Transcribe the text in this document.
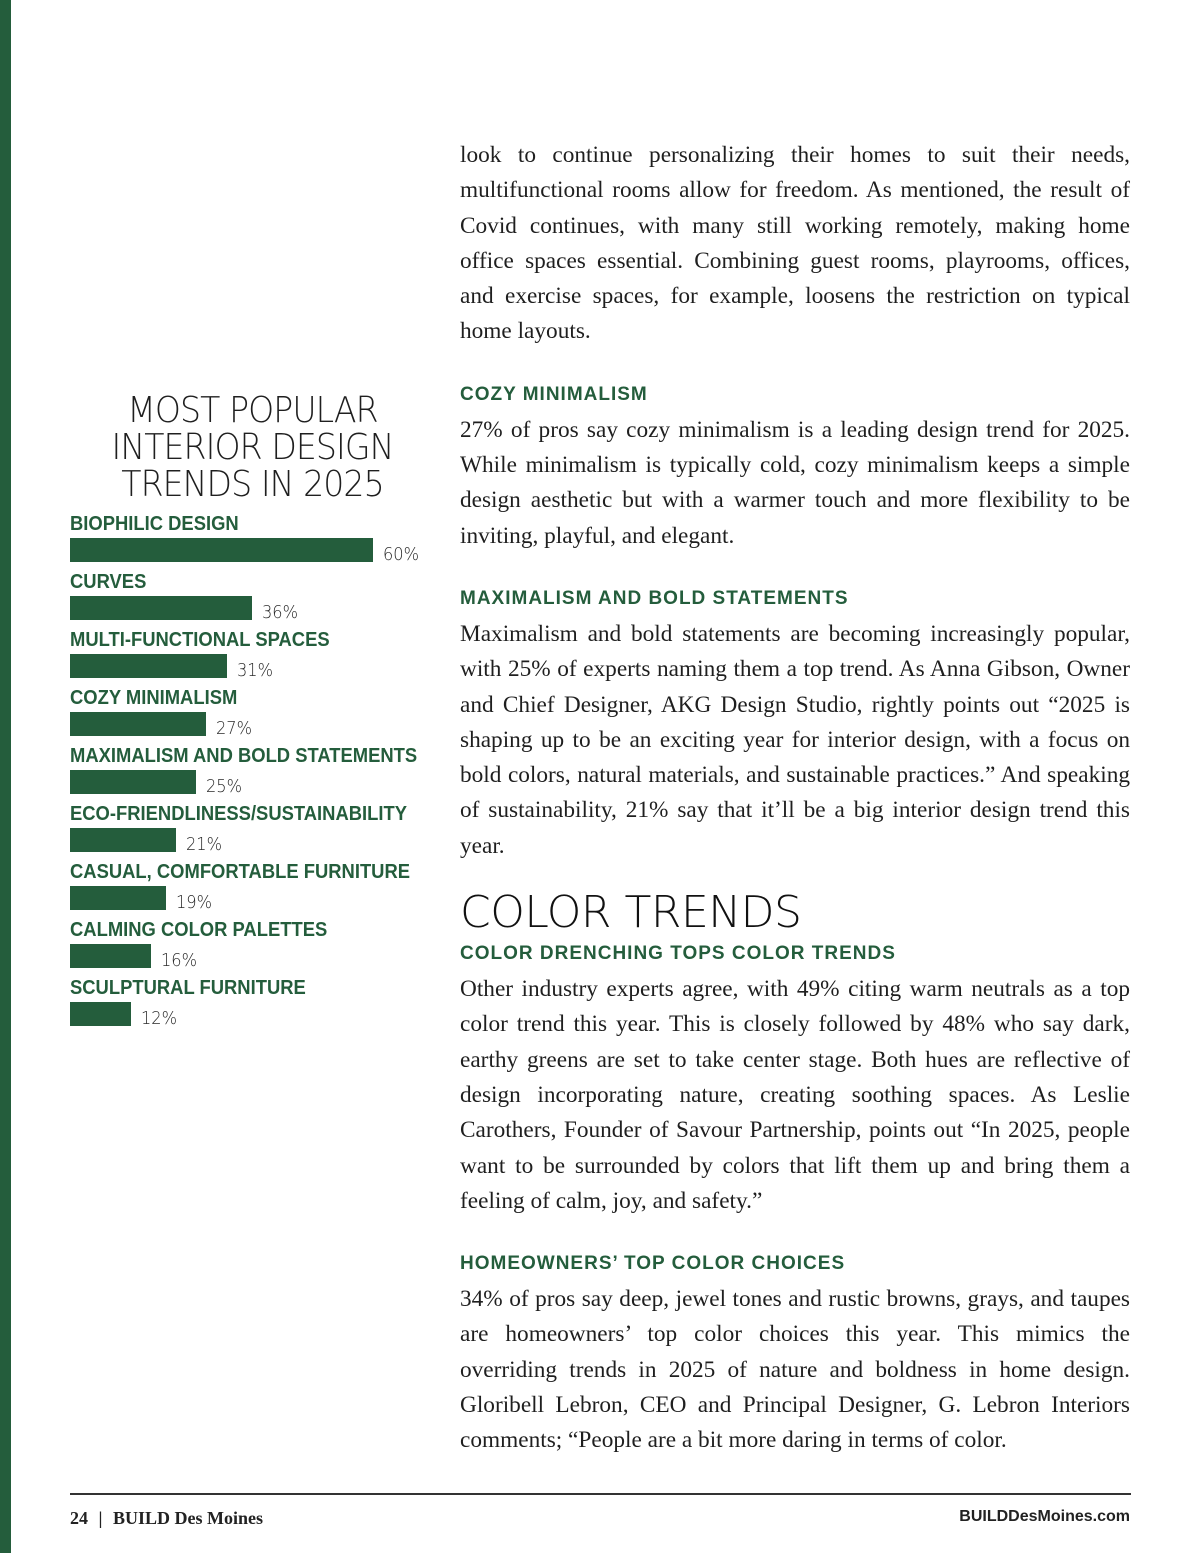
MOST POPULAR
INTERIOR DESIGN
TRENDS IN 2025
BIOPHILIC DESIGN
60%
CURVES
36%
MULTI-FUNCTIONAL SPACES
31%
COZY MINIMALISM
27%
MAXIMALISM AND BOLD STATEMENTS
25%
ECO-FRIENDLINESS/SUSTAINABILITY
21%
CASUAL, COMFORTABLE FURNITURE
19%
CALMING COLOR PALETTES
16%
SCULPTURAL FURNITURE
12%

look to continue personalizing their homes to suit their needs, multifunctional rooms allow for freedom. As mentioned, the result of Covid continues, with many still working remotely, making home office spaces essential. Combining guest rooms, playrooms, offices, and exercise spaces, for example, loosens the restriction on typical home layouts.

COZY MINIMALISM

27% of pros say cozy minimalism is a leading design trend for 2025. While minimalism is typically cold, cozy minimalism keeps a simple design aesthetic but with a warmer touch and more flexibility to be inviting, playful, and elegant.

MAXIMALISM AND BOLD STATEMENTS

Maximalism and bold statements are becoming increasingly popular, with 25% of experts naming them a top trend. As Anna Gibson, Owner and Chief Designer, AKG Design Studio, rightly points out “2025 is shaping up to be an exciting year for interior design, with a focus on bold colors, natural materials, and sustainable practices.” And speaking of sustainability, 21% say that it’ll be a big interior design trend this year.

COLOR TRENDS
COLOR DRENCHING TOPS COLOR TRENDS

Other industry experts agree, with 49% citing warm neutrals as a top color trend this year. This is closely followed by 48% who say dark, earthy greens are set to take center stage. Both hues are reflective of design incorporating nature, creating soothing spaces. As Leslie Carothers, Founder of Savour Partnership, points out “In 2025, people want to be surrounded by colors that lift them up and bring them a feeling of calm, joy, and safety.”

HOMEOWNERS’ TOP COLOR CHOICES

34% of pros say deep, jewel tones and rustic browns, grays, and taupes are homeowners’ top color choices this year. This mimics the overriding trends in 2025 of nature and boldness in home design. Gloribell Lebron, CEO and Principal Designer, G. Lebron Interiors comments; “People are a bit more daring in terms of color.

24 | BUILD Des Moines	BUILDDesMoines.com
